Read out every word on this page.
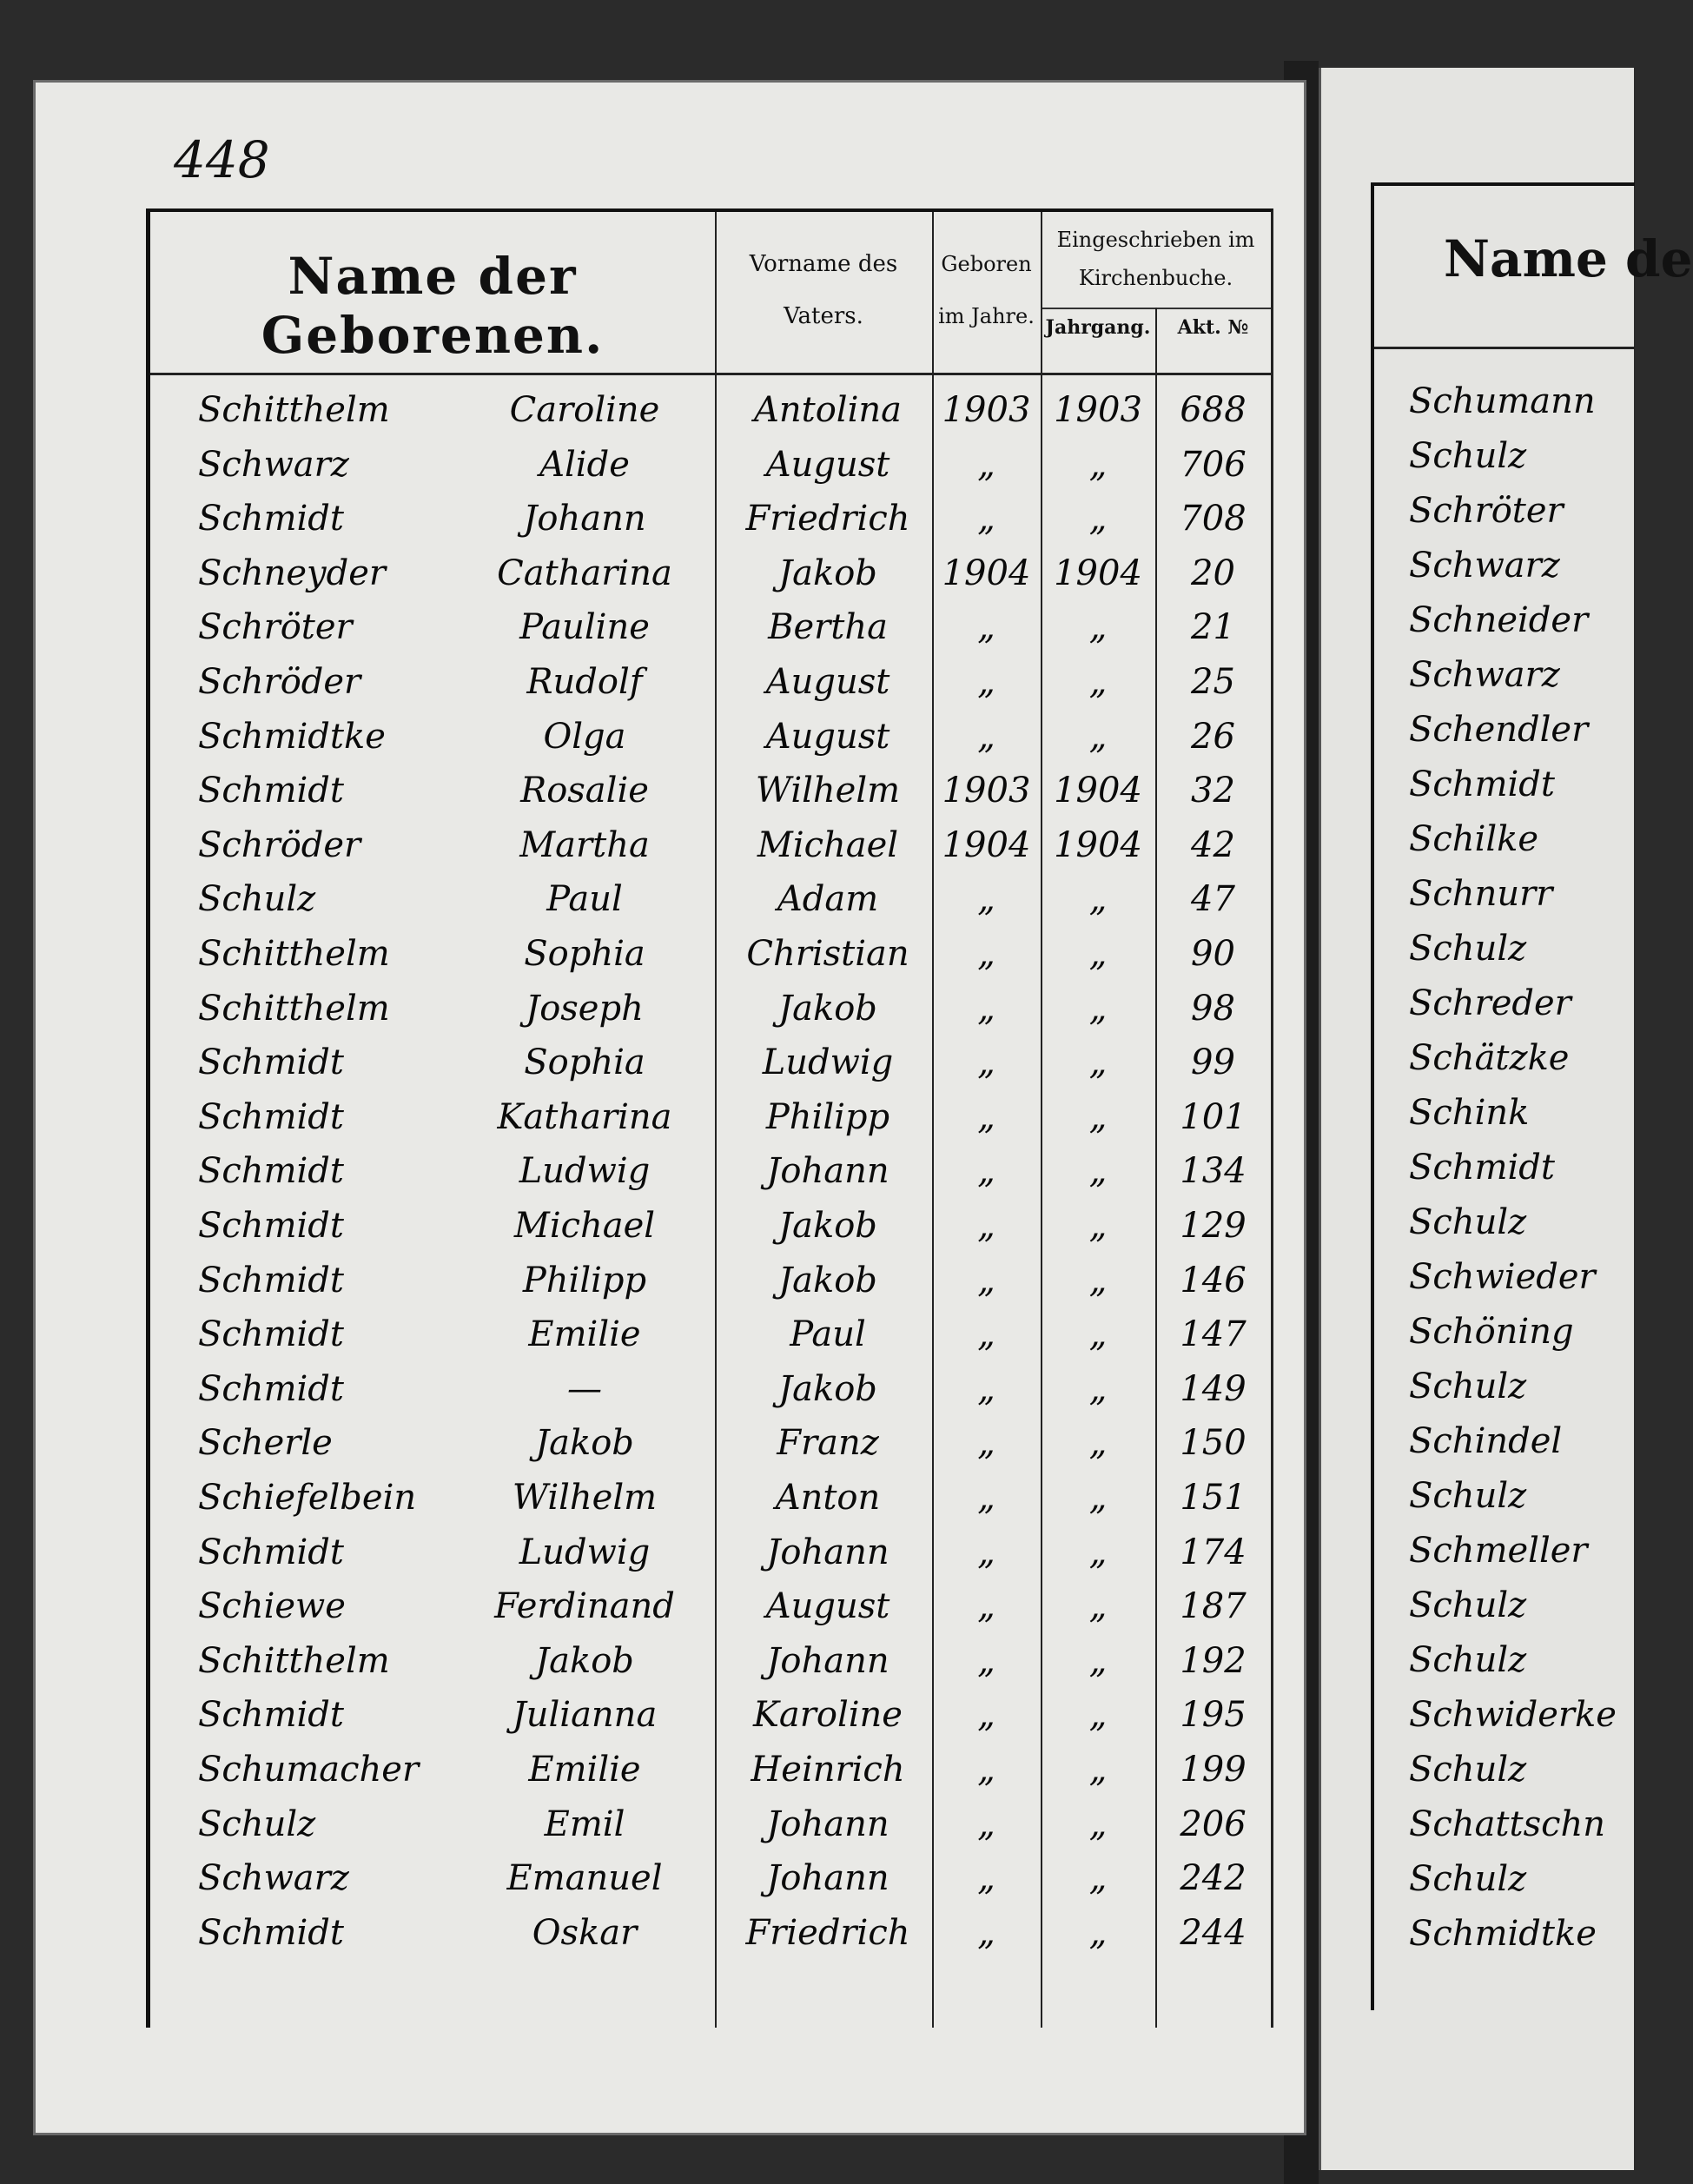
448
Name der Geborenen.
Vorname des Vaters.
Geboren im Jahre.
Eingeschrieben im Kirchenbuche.
Jahrgang.	Akt. №
Schitthelm	Caroline	Antolina	1903 1903	688
Schwarz	Alide	August	„	„	706
Schmidt	Johann	Friedrich	„	„	708
Schneyder	Catharina	Jakob	1904 1904	20
Schröter	Pauline	Bertha	„	„	21
Schröder	Rudolf	August	„	„	25
Schmidtke	Olga	August	„	„	26
Schmidt	Rosalie	Wilhelm	1903 1904	32
Schröder	Martha	Michael	1904 1904	42
Schulz	Paul	Adam	„	„	47
Schitthelm	Sophia	Christian	„	„	90
Schitthelm	Joseph	Jakob	„	„	98
Schmidt	Sophia	Ludwig	„	„	99
Schmidt	Katharina	Philipp	„	„	101
Schmidt	Ludwig	Johann	„	„	134
Schmidt	Michael	Jakob	„	„	129
Schmidt	Philipp	Jakob	„	„	146
Schmidt	Emilie	Paul	„	„	147
Schmidt	—	Jakob	„	„	149
Scherle	Jakob	Franz	„	„	150
Schiefelbein	Wilhelm	Anton	„	„	151
Schmidt	Ludwig	Johann	„	„	174
Schiewe	Ferdinand	August	„	„	187
Schitthelm	Jakob	Johann	„	„	192
Schmidt	Julianna	Karoline	„	„	195
Schumacher	Emilie	Heinrich	„	„	199
Schulz	Emil	Johann	„	„	206
Schwarz	Emanuel	Johann	„	„	242
Schmidt	Oskar	Friedrich	„	„	244
Name de
Schumann
Schulz
Schröter
Schwarz
Schneider
Schwarz
Schendler
Schmidt
Schilke
Schnurr
Schulz
Schreder
Schätzke
Schink
Schmidt
Schulz
Schwieder
Schöning
Schulz
Schindel
Schulz
Schmeller
Schulz
Schulz
Schwiderke
Schulz
Schattschn
Schulz
Schmidtke
